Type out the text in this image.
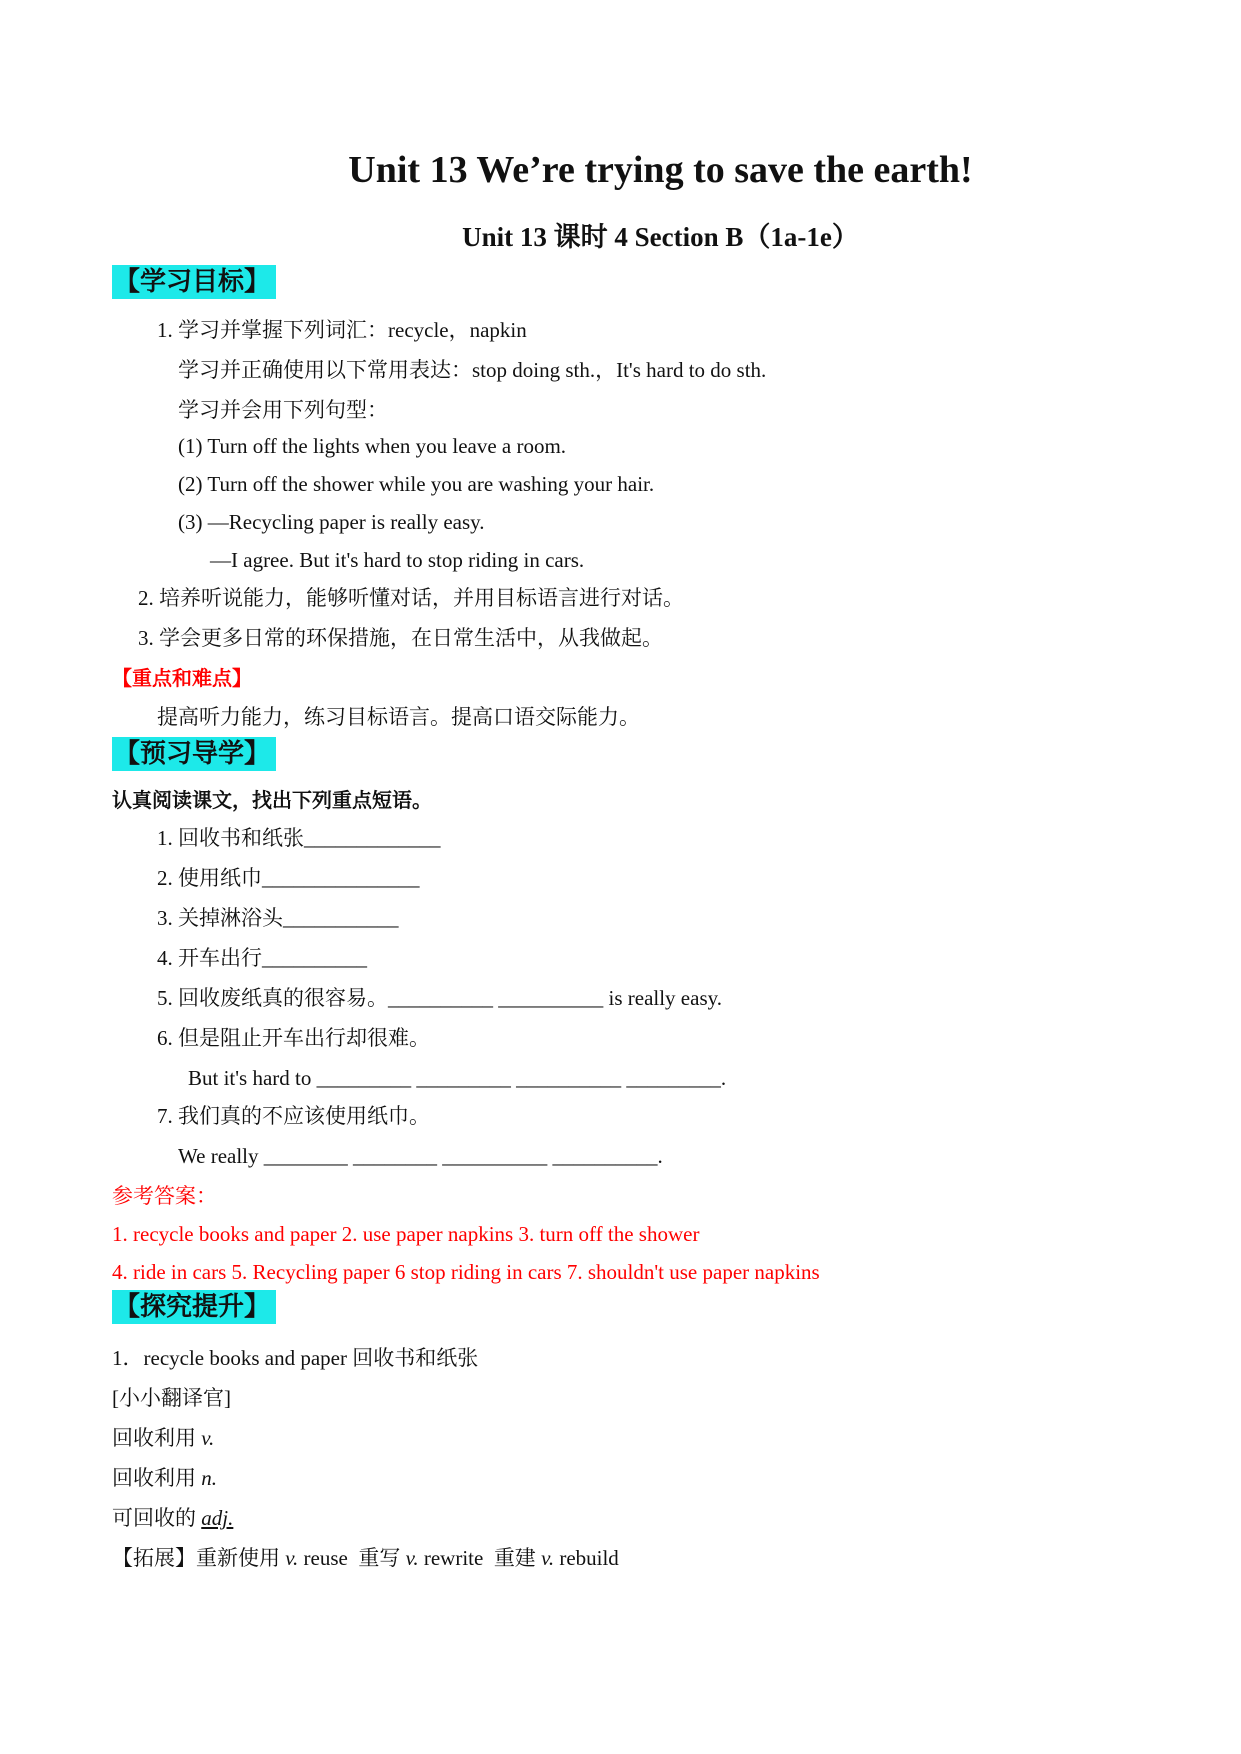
Unit 13 We’re trying to save the earth!
Unit 13 课时 4 Section B（1a-1e）
【学习目标】
1. 学习并掌握下列词汇：recycle，napkin
学习并正确使用以下常用表达：stop doing sth.，It's hard to do sth.
学习并会用下列句型：
(1) Turn off the lights when you leave a room.
(2) Turn off the shower while you are washing your hair.
(3) —Recycling paper is really easy.
—I agree. But it's hard to stop riding in cars.
2. 培养听说能力，能够听懂对话，并用目标语言进行对话。
3. 学会更多日常的环保措施，在日常生活中，从我做起。
【重点和难点】
提高听力能力，练习目标语言。提高口语交际能力。
【预习导学】
认真阅读课文，找出下列重点短语。
1. 回收书和纸张_____________
2. 使用纸巾_______________
3. 关掉淋浴头___________
4. 开车出行__________
5. 回收废纸真的很容易。__________ __________ is really easy.
6. 但是阻止开车出行却很难。
But it's hard to _________ _________ __________ _________.
7. 我们真的不应该使用纸巾。
We really ________ ________ __________ __________.
参考答案：
1. recycle books and paper 2. use paper napkins 3. turn off the shower
4. ride in cars 5. Recycling paper 6 stop riding in cars 7. shouldn't use paper napkins
【探究提升】
1．recycle books and paper 回收书和纸张
[小小翻译官]
回收利用 v.
回收利用 n.
可回收的 adj.
【拓展】重新使用 v. reuse  重写 v. rewrite  重建 v. rebuild
